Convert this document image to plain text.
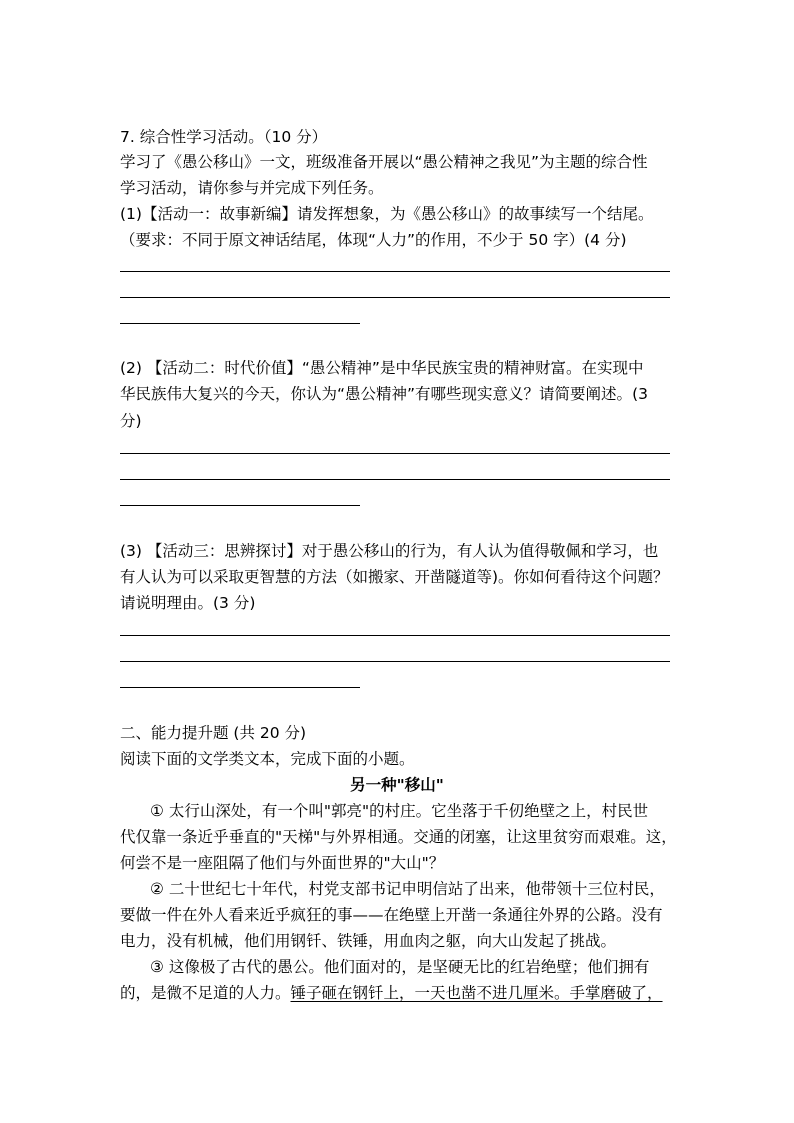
7. 综合性学习活动。（10 分）
学习了《愚公移山》一文，班级准备开展以“愚公精神之我见”为主题的综合性
学习活动，请你参与并完成下列任务。
(1)【活动一：故事新编】请发挥想象，为《愚公移山》的故事续写一个结尾。
（要求：不同于原文神话结尾，体现“人力”的作用，不少于 50 字）(4 分)
(2) 【活动二：时代价值】“愚公精神”是中华民族宝贵的精神财富。在实现中
华民族伟大复兴的今天，你认为“愚公精神”有哪些现实意义？请简要阐述。(3
分)
(3) 【活动三：思辨探讨】对于愚公移山的行为，有人认为值得敬佩和学习，也
有人认为可以采取更智慧的方法（如搬家、开凿隧道等)。你如何看待这个问题？
请说明理由。(3 分)
二、能力提升题 (共 20 分)
阅读下面的文学类文本，完成下面的小题。
另一种"移山"
① 太行山深处，有一个叫"郭亮"的村庄。它坐落于千仞绝壁之上，村民世
代仅靠一条近乎垂直的"天梯"与外界相通。交通的闭塞，让这里贫穷而艰难。这，
何尝不是一座阻隔了他们与外面世界的"大山"？
② 二十世纪七十年代，村党支部书记申明信站了出来，他带领十三位村民，
要做一件在外人看来近乎疯狂的事——在绝壁上开凿一条通往外界的公路。没有
电力，没有机械，他们用钢钎、铁锤，用血肉之躯，向大山发起了挑战。
③ 这像极了古代的愚公。他们面对的，是坚硬无比的红岩绝壁；他们拥有
的，是微不足道的人力。锤子砸在钢钎上，一天也凿不进几厘米。手掌磨破了，
